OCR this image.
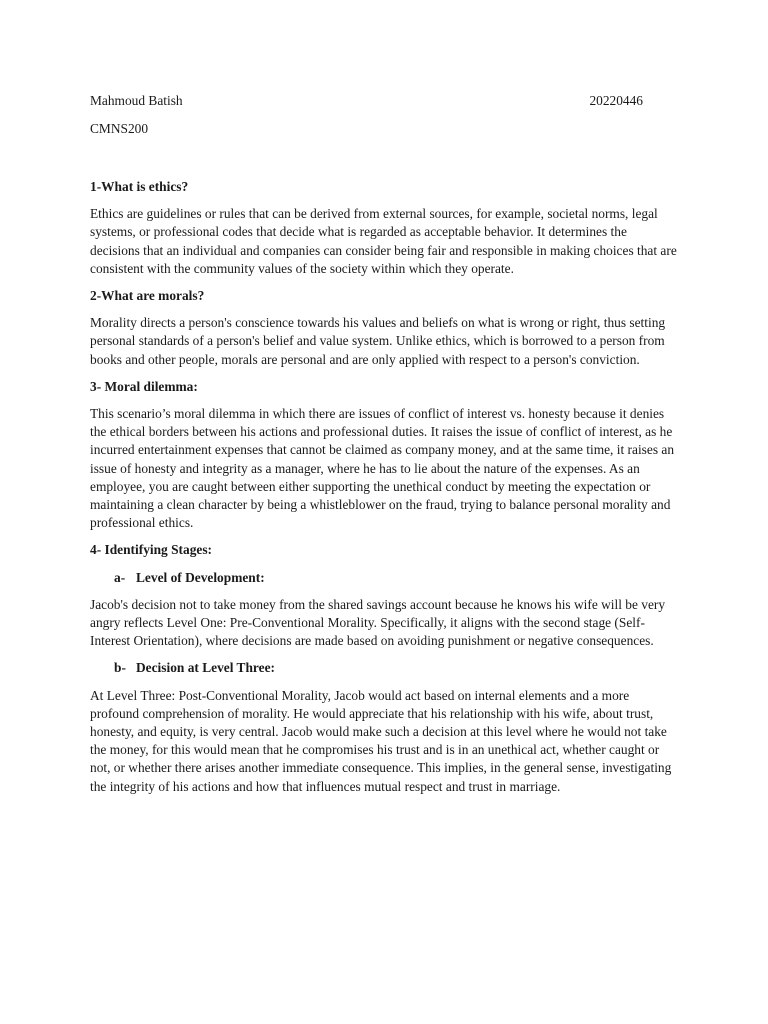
Mahmoud Batish	20220446
CMNS200

1-What is ethics?

Ethics are guidelines or rules that can be derived from external sources, for example, societal norms, legal systems, or professional codes that decide what is regarded as acceptable behavior. It determines the decisions that an individual and companies can consider being fair and responsible in making choices that are consistent with the community values of the society within which they operate.

2-What are morals?

Morality directs a person's conscience towards his values and beliefs on what is wrong or right, thus setting personal standards of a person's belief and value system. Unlike ethics, which is borrowed to a person from books and other people, morals are personal and are only applied with respect to a person's conviction.

3- Moral dilemma:

This scenario’s moral dilemma in which there are issues of conflict of interest vs. honesty because it denies the ethical borders between his actions and professional duties. It raises the issue of conflict of interest, as he incurred entertainment expenses that cannot be claimed as company money, and at the same time, it raises an issue of honesty and integrity as a manager, where he has to lie about the nature of the expenses. As an employee, you are caught between either supporting the unethical conduct by meeting the expectation or maintaining a clean character by being a whistleblower on the fraud, trying to balance personal morality and professional ethics.

4- Identifying Stages:

a- Level of Development:

Jacob's decision not to take money from the shared savings account because he knows his wife will be very angry reflects Level One: Pre-Conventional Morality. Specifically, it aligns with the second stage (Self-Interest Orientation), where decisions are made based on avoiding punishment or negative consequences.

b- Decision at Level Three:

At Level Three: Post-Conventional Morality, Jacob would act based on internal elements and a more profound comprehension of morality. He would appreciate that his relationship with his wife, about trust, honesty, and equity, is very central. Jacob would make such a decision at this level where he would not take the money, for this would mean that he compromises his trust and is in an unethical act, whether caught or not, or whether there arises another immediate consequence. This implies, in the general sense, investigating the integrity of his actions and how that influences mutual respect and trust in marriage.
